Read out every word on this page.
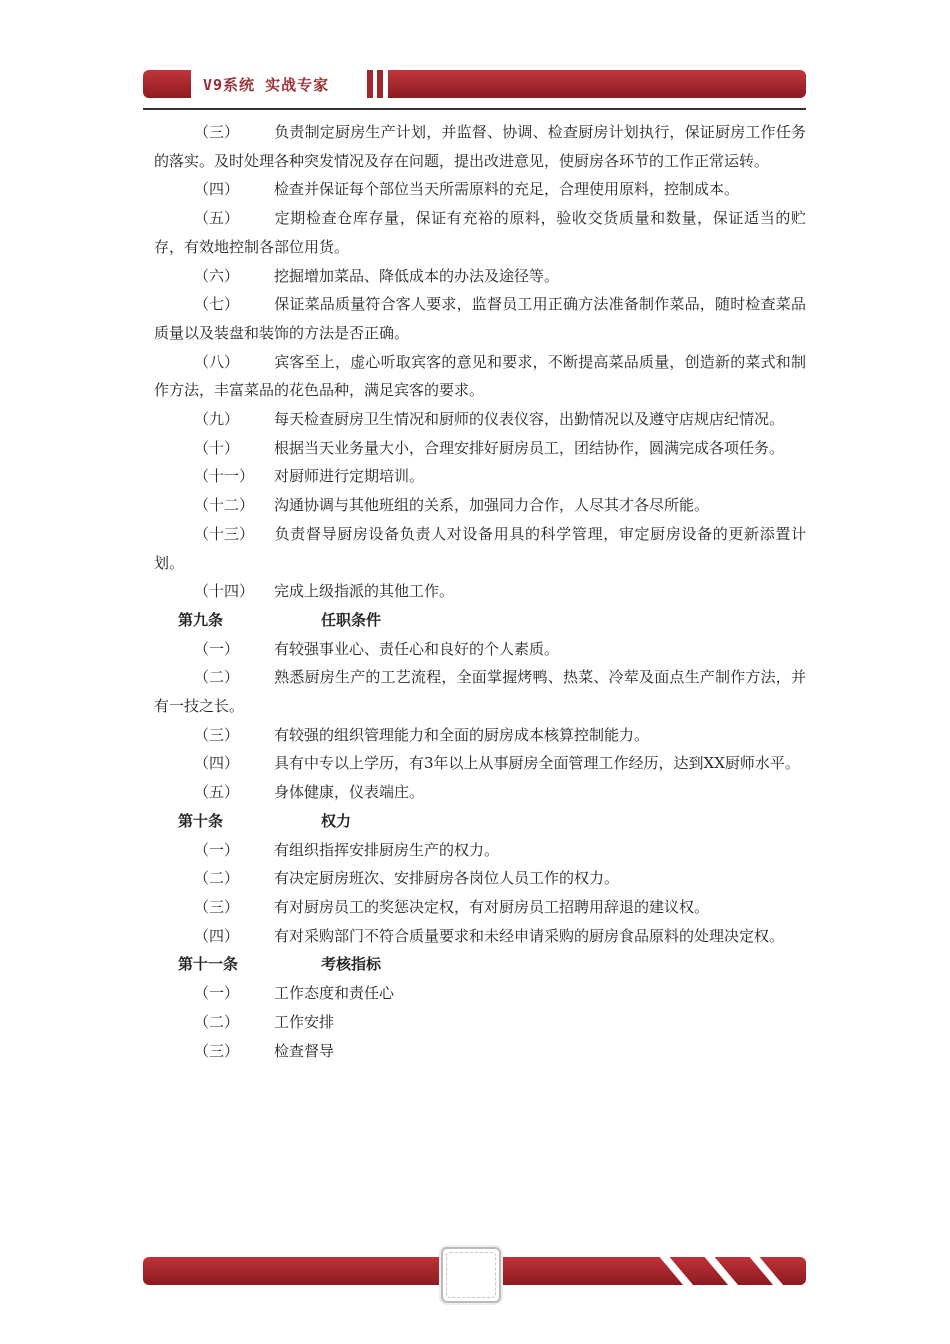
V9系统 实战专家

（三） 负责制定厨房生产计划，并监督、协调、检查厨房计划执行，保证厨房工作任务的落实。及时处理各种突发情况及存在问题，提出改进意见，使厨房各环节的工作正常运转。

（四） 检查并保证每个部位当天所需原料的充足，合理使用原料，控制成本。

（五） 定期检查仓库存量，保证有充裕的原料，验收交货质量和数量，保证适当的贮存，有效地控制各部位用货。

（六） 挖掘增加菜品、降低成本的办法及途径等。

（七） 保证菜品质量符合客人要求，监督员工用正确方法准备制作菜品，随时检查菜品质量以及装盘和装饰的方法是否正确。

（八） 宾客至上，虚心听取宾客的意见和要求，不断提高菜品质量，创造新的菜式和制作方法，丰富菜品的花色品种，满足宾客的要求。

（九） 每天检查厨房卫生情况和厨师的仪表仪容，出勤情况以及遵守店规店纪情况。

（十） 根据当天业务量大小，合理安排好厨房员工，团结协作，圆满完成各项任务。

（十一） 对厨师进行定期培训。

（十二） 沟通协调与其他班组的关系，加强同力合作，人尽其才各尽所能。

（十三） 负责督导厨房设备负责人对设备用具的科学管理，审定厨房设备的更新添置计划。

（十四） 完成上级指派的其他工作。

第九条	任职条件

（一） 有较强事业心、责任心和良好的个人素质。

（二） 熟悉厨房生产的工艺流程，全面掌握烤鸭、热菜、冷荤及面点生产制作方法，并有一技之长。

（三） 有较强的组织管理能力和全面的厨房成本核算控制能力。

（四） 具有中专以上学历，有3年以上从事厨房全面管理工作经历，达到XX厨师水平。

（五） 身体健康，仪表端庄。

第十条	权力

（一） 有组织指挥安排厨房生产的权力。

（二） 有决定厨房班次、安排厨房各岗位人员工作的权力。

（三） 有对厨房员工的奖惩决定权，有对厨房员工招聘用辞退的建议权。

（四） 有对采购部门不符合质量要求和未经申请采购的厨房食品原料的处理决定权。

第十一条	考核指标

（一） 工作态度和责任心

（二） 工作安排

（三） 检查督导
